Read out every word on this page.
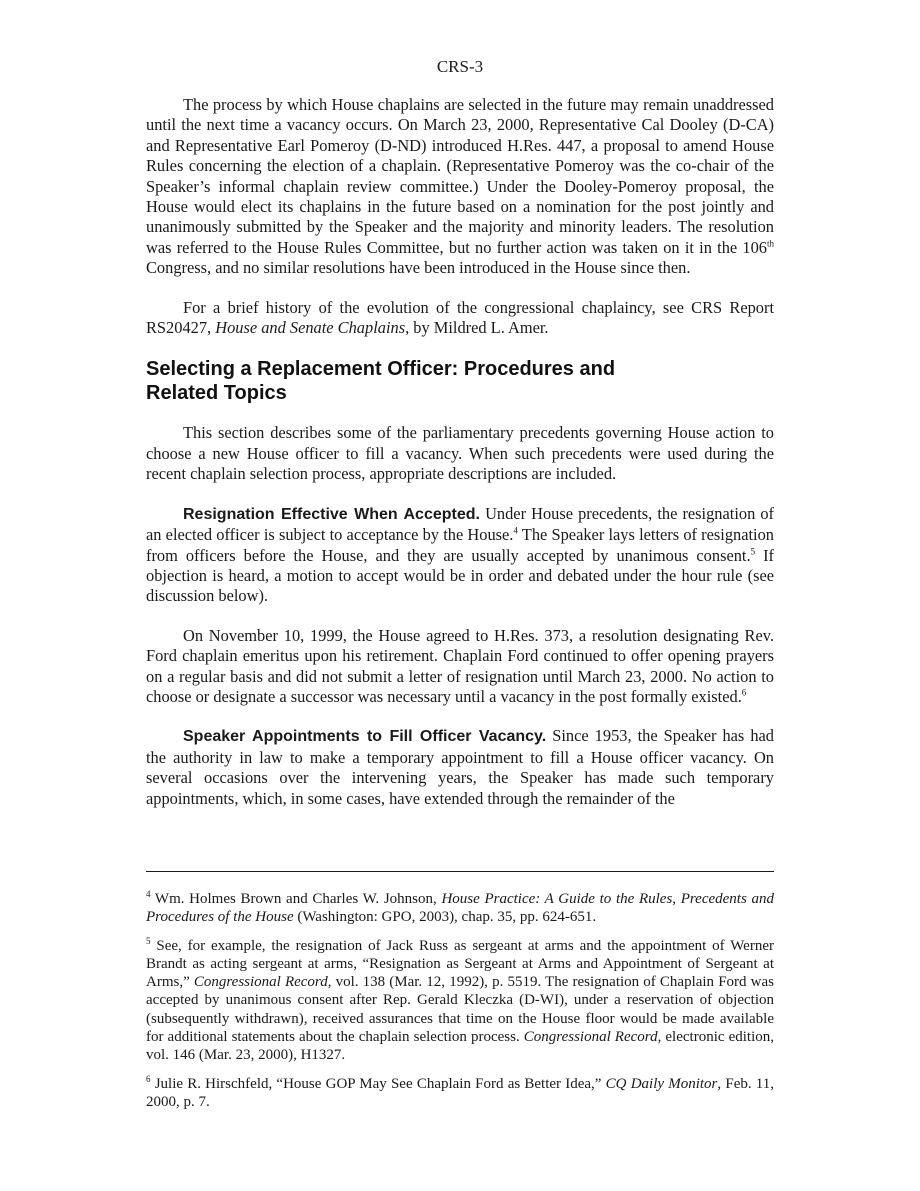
CRS-3

The process by which House chaplains are selected in the future may remain unaddressed until the next time a vacancy occurs. On March 23, 2000, Representative Cal Dooley (D-CA) and Representative Earl Pomeroy (D-ND) introduced H.Res. 447, a proposal to amend House Rules concerning the election of a chaplain. (Representative Pomeroy was the co-chair of the Speaker’s informal chaplain review committee.) Under the Dooley-Pomeroy proposal, the House would elect its chaplains in the future based on a nomination for the post jointly and unanimously submitted by the Speaker and the majority and minority leaders. The resolution was referred to the House Rules Committee, but no further action was taken on it in the 106th Congress, and no similar resolutions have been introduced in the House since then.

For a brief history of the evolution of the congressional chaplaincy, see CRS Report RS20427, House and Senate Chaplains, by Mildred L. Amer.

Selecting a Replacement Officer: Procedures and
Related Topics

This section describes some of the parliamentary precedents governing House action to choose a new House officer to fill a vacancy. When such precedents were used during the recent chaplain selection process, appropriate descriptions are included.

Resignation Effective When Accepted. Under House precedents, the resignation of an elected officer is subject to acceptance by the House.$^4$ The Speaker lays letters of resignation from officers before the House, and they are usually accepted by unanimous consent.$^5$ If objection is heard, a motion to accept would be in order and debated under the hour rule (see discussion below).

On November 10, 1999, the House agreed to H.Res. 373, a resolution designating Rev. Ford chaplain emeritus upon his retirement. Chaplain Ford continued to offer opening prayers on a regular basis and did not submit a letter of resignation until March 23, 2000. No action to choose or designate a successor was necessary until a vacancy in the post formally existed.$^6$

Speaker Appointments to Fill Officer Vacancy. Since 1953, the Speaker has had the authority in law to make a temporary appointment to fill a House officer vacancy. On several occasions over the intervening years, the Speaker has made such temporary appointments, which, in some cases, have extended through the remainder of the

$^4$ Wm. Holmes Brown and Charles W. Johnson, House Practice: A Guide to the Rules, Precedents and Procedures of the House (Washington: GPO, 2003), chap. 35, pp. 624-651.

$^5$ See, for example, the resignation of Jack Russ as sergeant at arms and the appointment of Werner Brandt as acting sergeant at arms, “Resignation as Sergeant at Arms and Appointment of Sergeant at Arms,” Congressional Record, vol. 138 (Mar. 12, 1992), p. 5519. The resignation of Chaplain Ford was accepted by unanimous consent after Rep. Gerald Kleczka (D-WI), under a reservation of objection (subsequently withdrawn), received assurances that time on the House floor would be made available for additional statements about the chaplain selection process. Congressional Record, electronic edition, vol. 146 (Mar. 23, 2000), H1327.

$^6$ Julie R. Hirschfeld, “House GOP May See Chaplain Ford as Better Idea,” CQ Daily Monitor, Feb. 11, 2000, p. 7.
